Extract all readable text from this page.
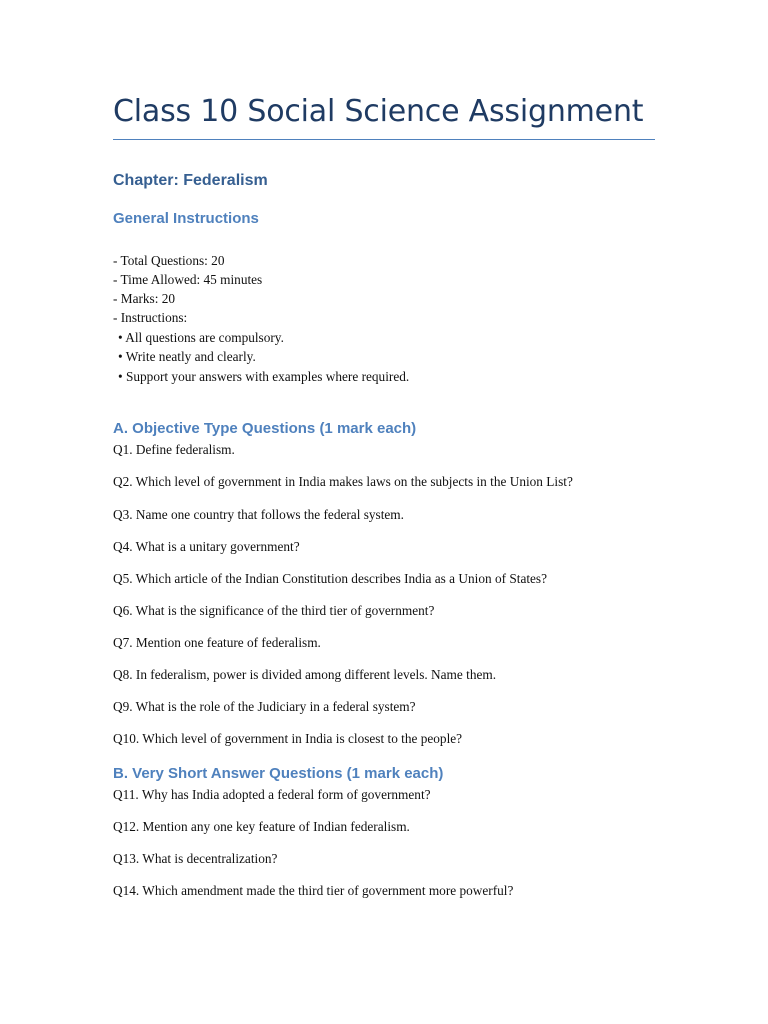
Class 10 Social Science Assignment
Chapter: Federalism
General Instructions
- Total Questions: 20
- Time Allowed: 45 minutes
- Marks: 20
- Instructions:
• All questions are compulsory.
• Write neatly and clearly.
• Support your answers with examples where required.
A. Objective Type Questions (1 mark each)
Q1. Define federalism.
Q2. Which level of government in India makes laws on the subjects in the Union List?
Q3. Name one country that follows the federal system.
Q4. What is a unitary government?
Q5. Which article of the Indian Constitution describes India as a Union of States?
Q6. What is the significance of the third tier of government?
Q7. Mention one feature of federalism.
Q8. In federalism, power is divided among different levels. Name them.
Q9. What is the role of the Judiciary in a federal system?
Q10. Which level of government in India is closest to the people?
B. Very Short Answer Questions (1 mark each)
Q11. Why has India adopted a federal form of government?
Q12. Mention any one key feature of Indian federalism.
Q13. What is decentralization?
Q14. Which amendment made the third tier of government more powerful?
